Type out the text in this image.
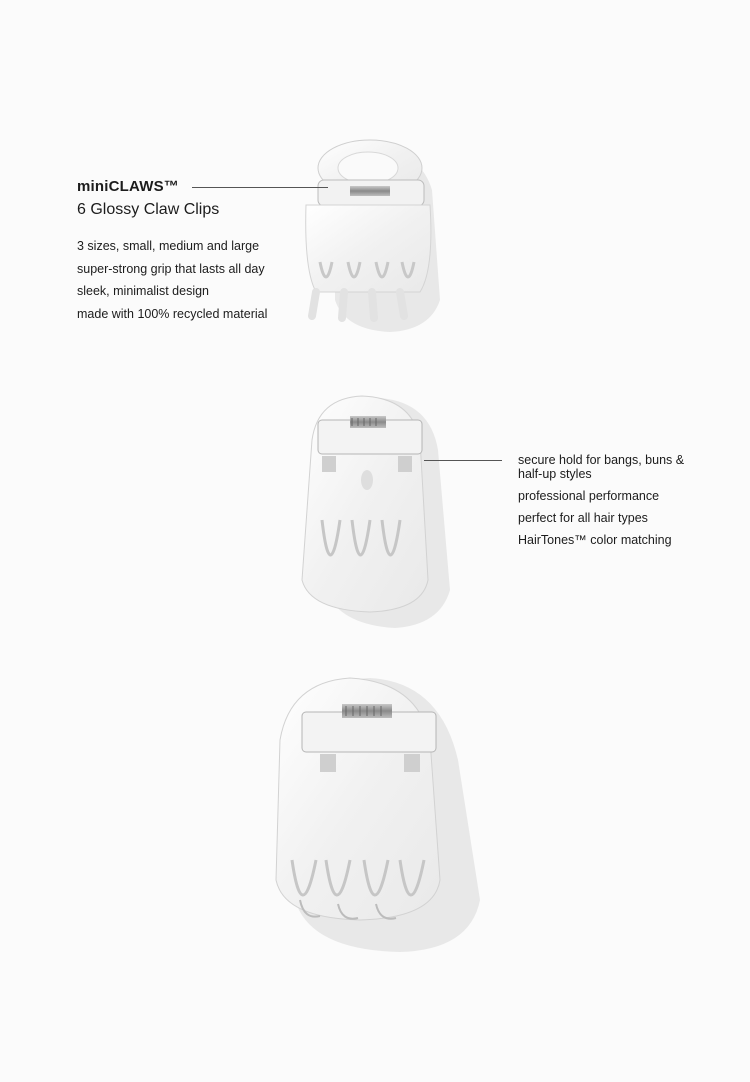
miniCLAWS™
6 Glossy Claw Clips
3 sizes, small, medium and large
super-strong grip that lasts all day
sleek, minimalist design
made with 100% recycled material
secure hold for bangs, buns & half-up styles
professional performance
perfect for all hair types
HairTones™ color matching
